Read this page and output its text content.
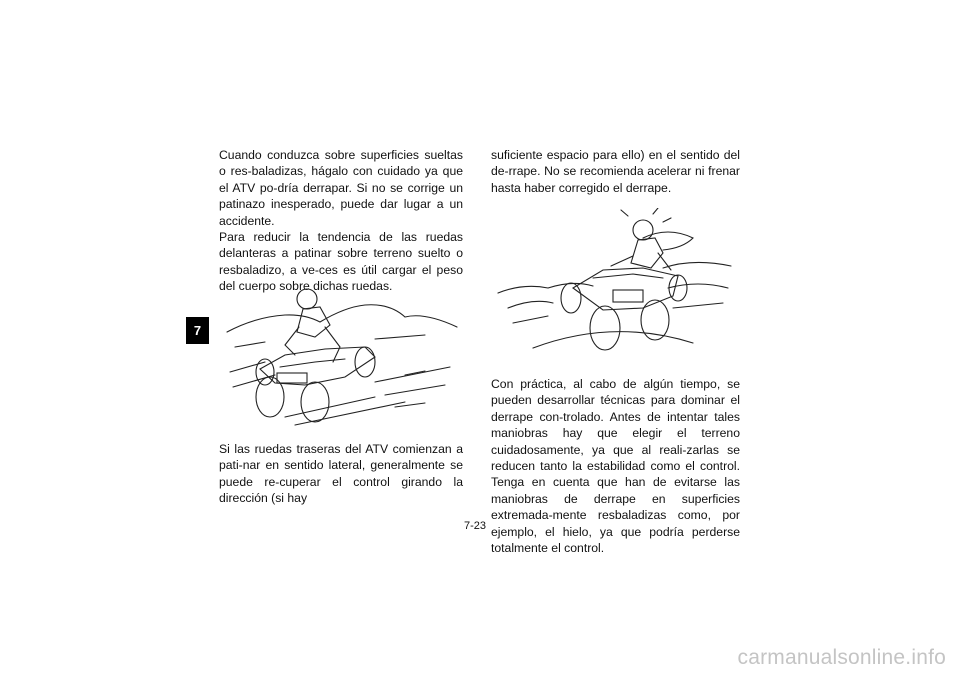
7

Cuando conduzca sobre superficies sueltas o res-baladizas, hágalo con cuidado ya que el ATV po-dría derrapar. Si no se corrige un patinazo inesperado, puede dar lugar a un accidente.

Para reducir la tendencia de las ruedas delanteras a patinar sobre terreno suelto o resbaladizo, a ve-ces es útil cargar el peso del cuerpo sobre dichas ruedas.

Si las ruedas traseras del ATV comienzan a pati-nar en sentido lateral, generalmente se puede re-cuperar el control girando la dirección (si hay

suficiente espacio para ello) en el sentido del de-rrape. No se recomienda acelerar ni frenar hasta haber corregido el derrape.

Con práctica, al cabo de algún tiempo, se pueden desarrollar técnicas para dominar el derrape con-trolado. Antes de intentar tales maniobras hay que elegir el terreno cuidadosamente, ya que al reali-zarlas se reducen tanto la estabilidad como el control. Tenga en cuenta que han de evitarse las maniobras de derrape en superficies extremada-mente resbaladizas como, por ejemplo, el hielo, ya que podría perderse totalmente el control.

7-23
carmanualsonline.info
